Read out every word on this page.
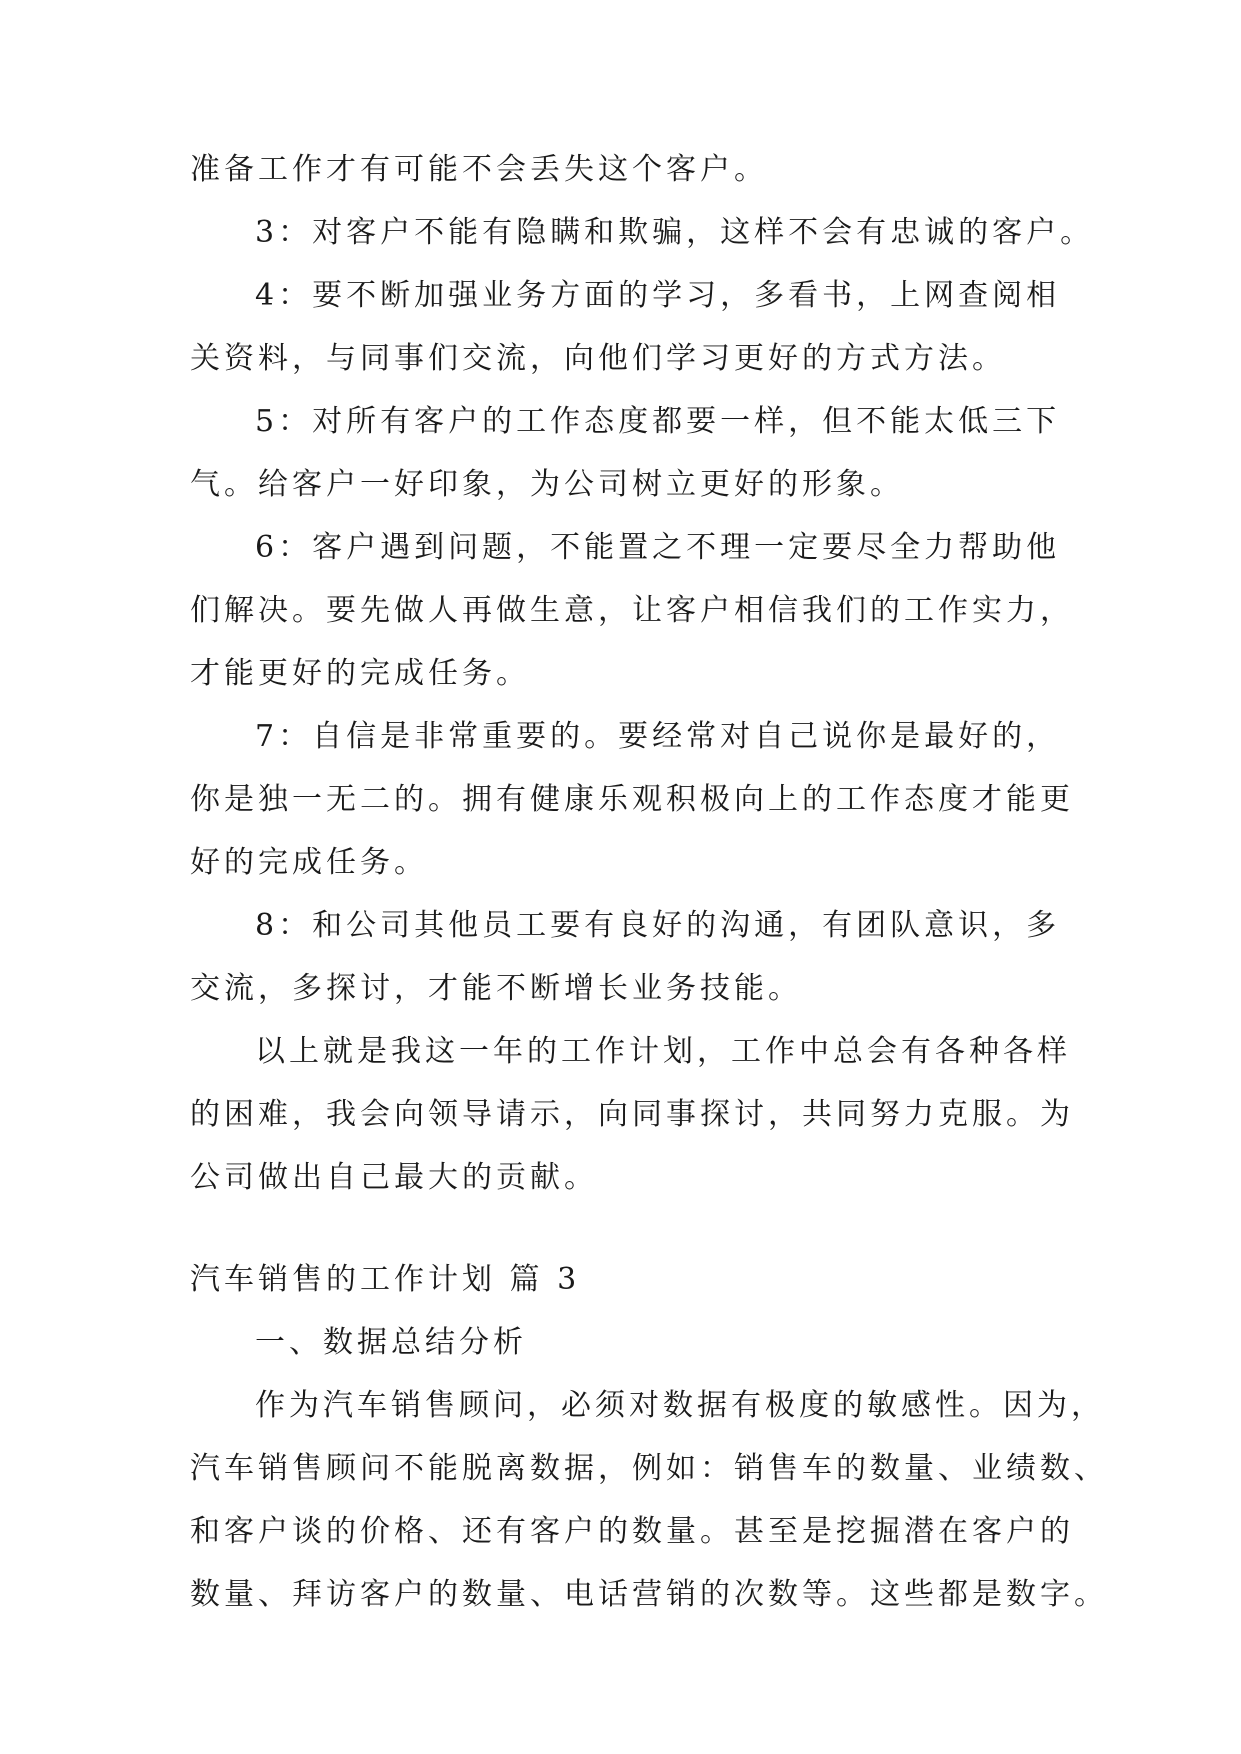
准备工作才有可能不会丢失这个客户。
3：对客户不能有隐瞒和欺骗，这样不会有忠诚的客户。
4：要不断加强业务方面的学习，多看书，上网查阅相
关资料，与同事们交流，向他们学习更好的方式方法。
5：对所有客户的工作态度都要一样，但不能太低三下
气。给客户一好印象，为公司树立更好的形象。
6：客户遇到问题，不能置之不理一定要尽全力帮助他
们解决。要先做人再做生意，让客户相信我们的工作实力，
才能更好的完成任务。
7：自信是非常重要的。要经常对自己说你是最好的，
你是独一无二的。拥有健康乐观积极向上的工作态度才能更
好的完成任务。
8：和公司其他员工要有良好的沟通，有团队意识，多
交流，多探讨，才能不断增长业务技能。
以上就是我这一年的工作计划，工作中总会有各种各样
的困难，我会向领导请示，向同事探讨，共同努力克服。为
公司做出自己最大的贡献。
汽车销售的工作计划 篇 3
一、数据总结分析
作为汽车销售顾问，必须对数据有极度的敏感性。因为，
汽车销售顾问不能脱离数据，例如：销售车的数量、业绩数、
和客户谈的价格、还有客户的数量。甚至是挖掘潜在客户的
数量、拜访客户的数量、电话营销的次数等。这些都是数字。
